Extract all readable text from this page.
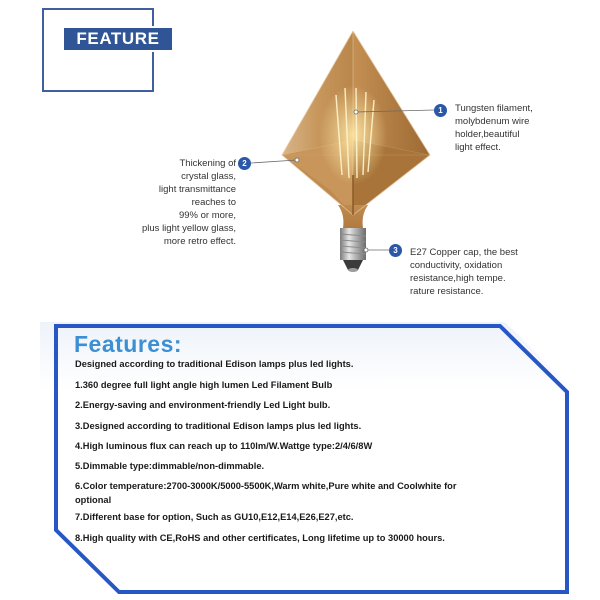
FEATURE
1
2
3
Tungsten filament,
molybdenum wire
holder,beautiful
light effect.
Thickening of
crystal glass,
light transmittance
reaches to
99% or more,
plus light yellow glass,
more retro effect.
E27 Copper cap, the best
conductivity, oxidation
resistance,high tempe.
rature resistance.
Features:
Designed according to traditional Edison lamps plus led lights.
1.360 degree full light angle high lumen Led Filament Bulb
2.Energy-saving and environment-friendly Led Light bulb.
3.Designed according to traditional Edison lamps plus led lights.
4.High luminous flux can reach up to 110lm/W.Wattge type:2/4/6/8W
5.Dimmable type:dimmable/non-dimmable.
6.Color temperature:2700-3000K/5000-5500K,Warm white,Pure white and Coolwhite for optional
7.Different base for option, Such as GU10,E12,E14,E26,E27,etc.
8.High quality with CE,RoHS and other certificates, Long lifetime up to 30000 hours.
